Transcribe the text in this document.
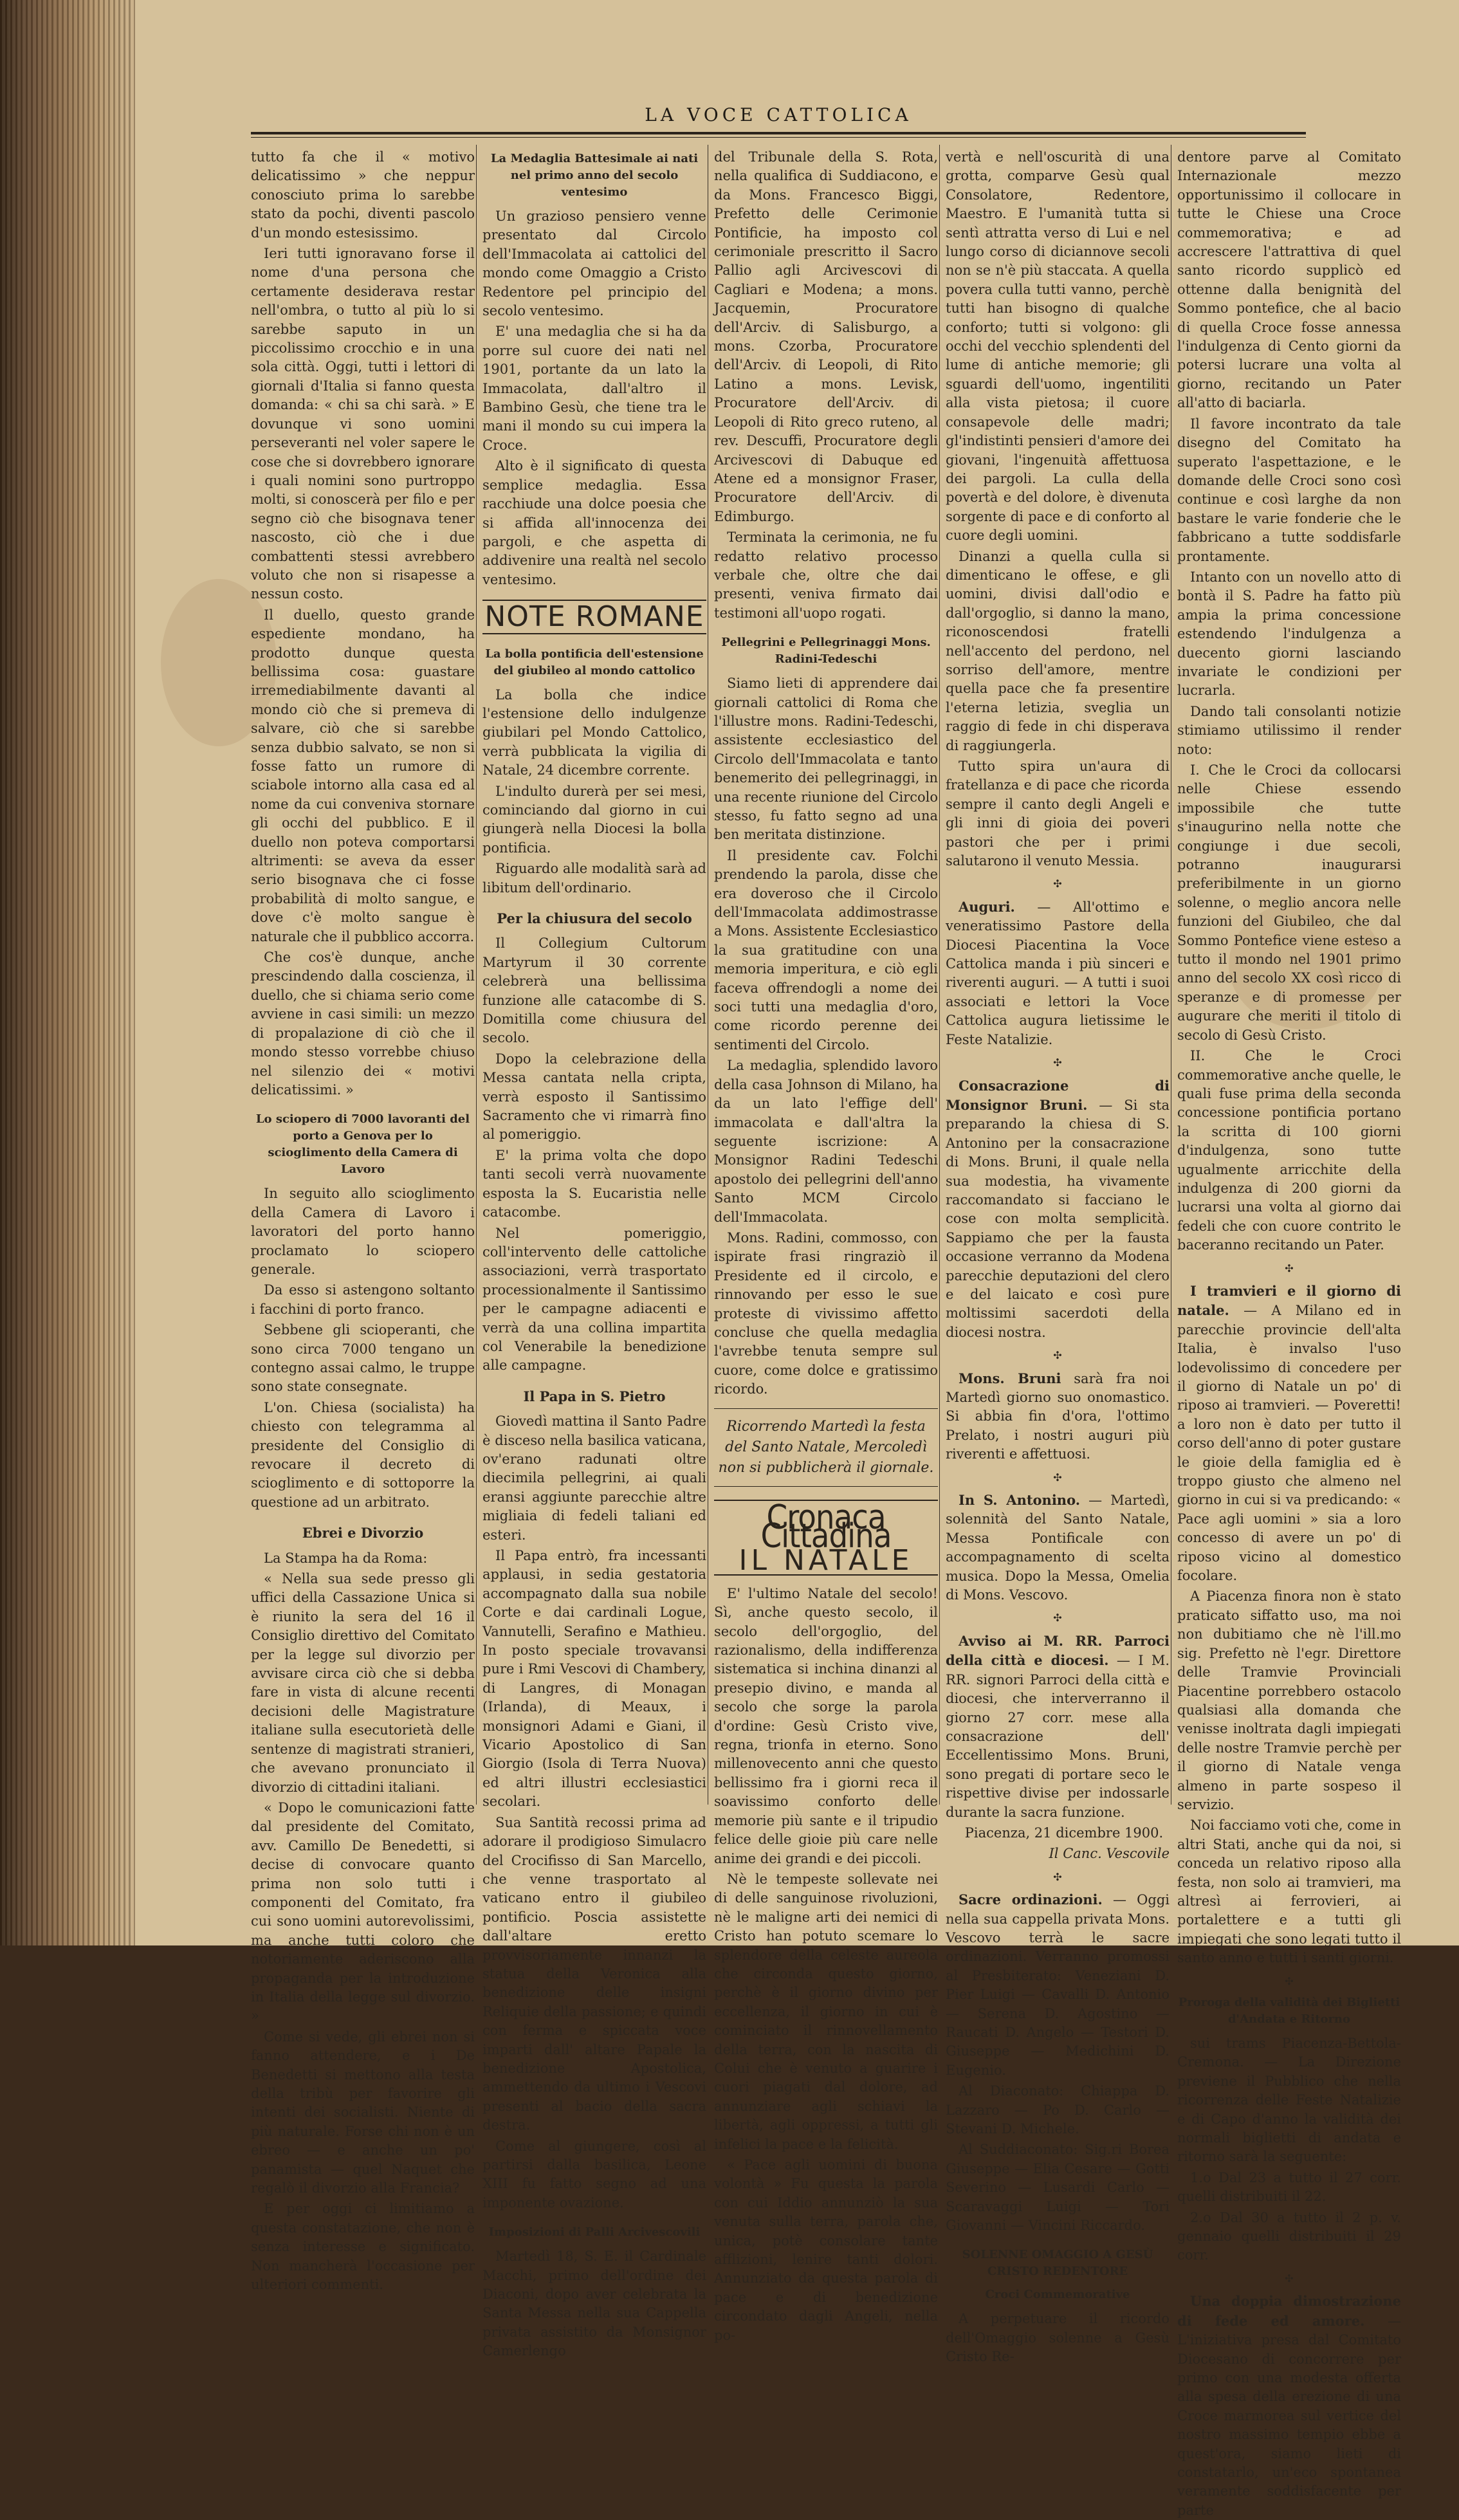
LA VOCE CATTOLICA

tutto fa che il « motivo delicatissimo » che neppur conosciuto prima lo sarebbe stato da pochi, diventi pascolo d'un mondo estesissimo.

Ieri tutti ignoravano forse il nome d'una persona che certamente desiderava restar nell'ombra, o tutto al più lo si sarebbe saputo in un piccolissimo crocchio e in una sola città. Oggi, tutti i lettori di giornali d'Italia si fanno questa domanda: « chi sa chi sarà. » E dovunque vi sono uomini perseveranti nel voler sapere le cose che si dovrebbero ignorare i quali nomini sono purtroppo molti, si conoscerà per filo e per segno ciò che bisognava tener nascosto, ciò che i due combattenti stessi avrebbero voluto che non si risapesse a nessun costo.

Il duello, questo grande espediente mondano, ha prodotto dunque questa bellissima cosa: guastare irremediabilmente davanti al mondo ciò che si premeva di salvare, ciò che si sarebbe senza dubbio salvato, se non si fosse fatto un rumore di sciabole intorno alla casa ed al nome da cui conveniva stornare gli occhi del pubblico. E il duello non poteva comportarsi altrimenti: se aveva da esser serio bisognava che ci fosse probabilità di molto sangue, e dove c'è molto sangue è naturale che il pubblico accorra.

Che cos'è dunque, anche prescindendo dalla coscienza, il duello, che si chiama serio come avviene in casi simili: un mezzo di propalazione di ciò che il mondo stesso vorrebbe chiuso nel silenzio dei « motivi delicatissimi. »

Lo sciopero di 7000 lavoranti del porto a Genova per lo scioglimento della Camera di Lavoro

In seguito allo scioglimento della Camera di Lavoro i lavoratori del porto hanno proclamato lo sciopero generale.

Da esso si astengono soltanto i facchini di porto franco.

Sebbene gli scioperanti, che sono circa 7000 tengano un contegno assai calmo, le truppe sono state consegnate.

L'on. Chiesa (socialista) ha chiesto con telegramma al presidente del Consiglio di revocare il decreto di scioglimento e di sottoporre la questione ad un arbitrato.

Ebrei e Divorzio

La Stampa ha da Roma:

« Nella sua sede presso gli uffici della Cassazione Unica si è riunito la sera del 16 il Consiglio direttivo del Comitato per la legge sul divorzio per avvisare circa ciò che si debba fare in vista di alcune recenti decisioni delle Magistrature italiane sulla esecutorietà delle sentenze di magistrati stranieri, che avevano pronunciato il divorzio di cittadini italiani.

« Dopo le comunicazioni fatte dal presidente del Comitato, avv. Camillo De Benedetti, si decise di convocare quanto prima non solo tutti i componenti del Comitato, fra cui sono uomini autorevolissimi, ma anche tutti coloro che notoriamente aderiscono alla propaganda per la introduzione in Italia della legge sul divorzio. »

Come si vede, gli ebrei non si fanno attendere, e i De Benedetti si mettono alla testa della tribù per favorire gli intenti dei socialisti. Niente di più naturale. Forse chi non è un ebreo — e anche un po' panamista — quel Naquet che regalò il divorzio alla Francia?

E per oggi ci limitiamo a questa constatazione, che non è senza interesse e significato. Non mancherà l'occasione per ulteriori commenti.

La Medaglia Battesimale ai nati nel primo anno del secolo ventesimo

Un grazioso pensiero venne presentato dal Circolo dell'Immacolata ai cattolici del mondo come Omaggio a Cristo Redentore pel principio del secolo ventesimo.

E' una medaglia che si ha da porre sul cuore dei nati nel 1901, portante da un lato la Immacolata, dall'altro il Bambino Gesù, che tiene tra le mani il mondo su cui impera la Croce.

Alto è il significato di questa semplice medaglia. Essa racchiude una dolce poesia che si affida all'innocenza dei pargoli, e che aspetta di addivenire una realtà nel secolo ventesimo.

NOTE ROMANE
La bolla pontificia dell'estensione del giubileo al mondo cattolico

La bolla che indice l'estensione dello indulgenze giubilari pel Mondo Cattolico, verrà pubblicata la vigilia di Natale, 24 dicembre corrente.

L'indulto durerà per sei mesi, cominciando dal giorno in cui giungerà nella Diocesi la bolla pontificia.

Riguardo alle modalità sarà ad libitum dell'ordinario.

Per la chiusura del secolo

Il Collegium Cultorum Martyrum il 30 corrente celebrerà una bellissima funzione alle catacombe di S. Domitilla come chiusura del secolo.

Dopo la celebrazione della Messa cantata nella cripta, verrà esposto il Santissimo Sacramento che vi rimarrà fino al pomeriggio.

E' la prima volta che dopo tanti secoli verrà nuovamente esposta la S. Eucaristia nelle catacombe.

Nel pomeriggio, coll'intervento delle cattoliche associazioni, verrà trasportato processionalmente il Santissimo per le campagne adiacenti e verrà da una collina impartita col Venerabile la benedizione alle campagne.

Il Papa in S. Pietro

Giovedì mattina il Santo Padre è disceso nella basilica vaticana, ov'erano radunati oltre diecimila pellegrini, ai quali eransi aggiunte parecchie altre migliaia di fedeli taliani ed esteri.

Il Papa entrò, fra incessanti applausi, in sedia gestatoria accompagnato dalla sua nobile Corte e dai cardinali Logue, Vannutelli, Serafino e Mathieu. In posto speciale trovavansi pure i Rmi Vescovi di Chambery, di Langres, di Monagan (Irlanda), di Meaux, i monsignori Adami e Giani, il Vicario Apostolico di San Giorgio (Isola di Terra Nuova) ed altri illustri ecclesiastici secolari.

Sua Santità recossi prima ad adorare il prodigioso Simulacro del Crocifisso di San Marcello, che venne trasportato al vaticano entro il giubileo pontificio. Poscia assistette dall'altare eretto provvisoriamente innanzi la statua della Veronica alla benedizione delle insigni Reliquie della passione; e quindi con ferma e spiccata voce imparti dall' altare Papale la benedizione Apostolica, ammettendo da ultimo i Vescovi presenti al bacio della sacra destra.

Come al giungere, così al partirsi dalla basilica, Leone XIII fu fatto segno ad una imponente ovazione.

Imposizioni di Palli Arcivescovili

Martedì 18, S. E. il Cardinale Macchi, primo dell'ordine dei Diaconi, dopo aver celebrata la Santa Messa nella sua Cappella privata assistito da Monsignor Camerlengo

del Tribunale della S. Rota, nella qualifica di Suddiacono, e da Mons. Francesco Biggi, Prefetto delle Cerimonie Pontificie, ha imposto col cerimoniale prescritto il Sacro Pallio agli Arcivescovi di Cagliari e Modena; a mons. Jacquemin, Procuratore dell'Arciv. di Salisburgo, a mons. Czorba, Procuratore dell'Arciv. di Leopoli, di Rito Latino a mons. Levisk, Procuratore dell'Arciv. di Leopoli di Rito greco ruteno, al rev. Descuffi, Procuratore degli Arcivescovi di Dabuque ed Atene ed a monsignor Fraser, Procuratore dell'Arciv. di Edimburgo.

Terminata la cerimonia, ne fu redatto relativo processo verbale che, oltre che dai presenti, veniva firmato dai testimoni all'uopo rogati.

Pellegrini e Pellegrinaggi Mons. Radini-Tedeschi

Siamo lieti di apprendere dai giornali cattolici di Roma che l'illustre mons. Radini-Tedeschi, assistente ecclesiastico del Circolo dell'Immacolata e tanto benemerito dei pellegrinaggi, in una recente riunione del Circolo stesso, fu fatto segno ad una ben meritata distinzione.

Il presidente cav. Folchi prendendo la parola, disse che era doveroso che il Circolo dell'Immacolata addimostrasse a Mons. Assistente Ecclesiastico la sua gratitudine con una memoria imperitura, e ciò egli faceva offrendogli a nome dei soci tutti una medaglia d'oro, come ricordo perenne dei sentimenti del Circolo.

La medaglia, splendido lavoro della casa Johnson di Milano, ha da un lato l'effige dell' immacolata e dall'altra la seguente iscrizione: A Monsignor Radini Tedeschi apostolo dei pellegrini dell'anno Santo MCM Circolo dell'Immacolata.

Mons. Radini, commosso, con ispirate frasi ringraziò il Presidente ed il circolo, e rinnovando per esso le sue proteste di vivissimo affetto concluse che quella medaglia l'avrebbe tenuta sempre sul cuore, come dolce e gratissimo ricordo.

Ricorrendo Martedì la festa del Santo Natale, Mercoledì non si pubblicherà il giornale.
Cronaca Cittadina
IL NATALE

E' l'ultimo Natale del secolo! Sì, anche questo secolo, il secolo dell'orgoglio, del razionalismo, della indifferenza sistematica si inchina dinanzi al presepio divino, e manda al secolo che sorge la parola d'ordine: Gesù Cristo vive, regna, trionfa in eterno. Sono millenovecento anni che questo bellissimo fra i giorni reca il soavissimo conforto delle memorie più sante e il tripudio felice delle gioie più care nelle anime dei grandi e dei piccoli.

Nè le tempeste sollevate nei di delle sanguinose rivoluzioni, nè le maligne arti dei nemici di Cristo han potuto scemare lo splendore della celeste aureola che circonda questo giorno, perchè è il giorno divino per eccellenza, il giorno in cui è cominciato il rinnovellamento della terra, con la nascita di Colui che è venuto a guarire i cuori piagati dal dolore, ad annunziare agli schiavi la libertà, agli oppressi, a tutti gli infelici la pace e la felicità.

« Pace agli uomini di buona volontà » Fu questa la parola con cui Iddio annunziò la sua venuta sulla terra, parola che, unica, potè consolare tante afflizioni, lenire tanti dolori. Annunziato da questa parola di pace e di benedizione circondato dagli Angeli, nella po-

vertà e nell'oscurità di una grotta, comparve Gesù qual Consolatore, Redentore, Maestro. E l'umanità tutta si sentì attratta verso di Lui e nel lungo corso di diciannove secoli non se n'è più staccata. A quella povera culla tutti vanno, perchè tutti han bisogno di qualche conforto; tutti si volgono: gli occhi del vecchio splendenti del lume di antiche memorie; gli sguardi dell'uomo, ingentiliti alla vista pietosa; il cuore consapevole delle madri; gl'indistinti pensieri d'amore dei giovani, l'ingenuità affettuosa dei pargoli. La culla della povertà e del dolore, è divenuta sorgente di pace e di conforto al cuore degli uomini.

Dinanzi a quella culla si dimenticano le offese, e gli uomini, divisi dall'odio e dall'orgoglio, si danno la mano, riconoscendosi fratelli nell'accento del perdono, nel sorriso dell'amore, mentre quella pace che fa presentire l'eterna letizia, sveglia un raggio di fede in chi disperava di raggiungerla.

Tutto spira un'aura di fratellanza e di pace che ricorda sempre il canto degli Angeli e gli inni di gioia dei poveri pastori che per i primi salutarono il venuto Messia.

✣

Auguri. — All'ottimo e veneratissimo Pastore della Diocesi Piacentina la Voce Cattolica manda i più sinceri e riverenti auguri. — A tutti i suoi associati e lettori la Voce Cattolica augura lietissime le Feste Natalizie.

✣

Consacrazione di Monsignor Bruni. — Si sta preparando la chiesa di S. Antonino per la consacrazione di Mons. Bruni, il quale nella sua modestia, ha vivamente raccomandato si facciano le cose con molta semplicità. Sappiamo che per la fausta occasione verranno da Modena parecchie deputazioni del clero e del laicato e così pure moltissimi sacerdoti della diocesi nostra.

✣

Mons. Bruni sarà fra noi Martedì giorno suo onomastico. Si abbia fin d'ora, l'ottimo Prelato, i nostri auguri più riverenti e affettuosi.

✣

In S. Antonino. — Martedì, solennità del Santo Natale, Messa Pontificale con accompagnamento di scelta musica. Dopo la Messa, Omelia di Mons. Vescovo.

✣

Avviso ai M. RR. Parroci della città e diocesi. — I M. RR. signori Parroci della città e diocesi, che interverranno il giorno 27 corr. mese alla consacrazione dell' Eccellentissimo Mons. Bruni, sono pregati di portare seco le rispettive divise per indossarle durante la sacra funzione.

Piacenza, 21 dicembre 1900.

Il Canc. Vescovile

✣

Sacre ordinazioni. — Oggi nella sua cappella privata Mons. Vescovo terrà le sacre ordinazioni. Verranno promossi al Presbiterato: Veneziani D. Pier Luigi — Cavalli D. Antonio — Serena D. Agostino — Raucati D. Angelo — Testori D. Giuseppe — Medichini D. Eugenio.

Al Diaconato: Chiappa D. Lazzaro — Po D. Carlo — Stevani D. Michele.

Al Suddiaconato: Sig.ri Borea Giuseppe — Elia Cesare — Gotti Severino — Lusardi Carlo — Scaravaggi Luigi — Tori Giovanni — Vincini Riccardo.

SOLENNE OMAGGIO A GESÙ CRISTO REDENTORE
Croci Commemorative

A perpetuare il ricordo dell'Omaggio solenne a Gesù Cristo Re-

dentore parve al Comitato Internazionale mezzo opportunissimo il collocare in tutte le Chiese una Croce commemorativa; e ad accrescere l'attrattiva di quel santo ricordo supplicò ed ottenne dalla benignità del Sommo pontefice, che al bacio di quella Croce fosse annessa l'indulgenza di Cento giorni da potersi lucrare una volta al giorno, recitando un Pater all'atto di baciarla.

Il favore incontrato da tale disegno del Comitato ha superato l'aspettazione, e le domande delle Croci sono così continue e così larghe da non bastare le varie fonderie che le fabbricano a tutte soddisfarle prontamente.

Intanto con un novello atto di bontà il S. Padre ha fatto più ampia la prima concessione estendendo l'indulgenza a duecento giorni lasciando invariate le condizioni per lucrarla.

Dando tali consolanti notizie stimiamo utilissimo il render noto:

I. Che le Croci da collocarsi nelle Chiese essendo impossibile che tutte s'inaugurino nella notte che congiunge i due secoli, potranno inaugurarsi preferibilmente in un giorno solenne, o meglio ancora nelle funzioni del Giubileo, che dal Sommo Pontefice viene esteso a tutto il mondo nel 1901 primo anno del secolo XX così ricco di speranze e di promesse per augurare che meriti il titolo di secolo di Gesù Cristo.

II. Che le Croci commemorative anche quelle, le quali fuse prima della seconda concessione pontificia portano la scritta di 100 giorni d'indulgenza, sono tutte ugualmente arricchite della indulgenza di 200 giorni da lucrarsi una volta al giorno dai fedeli che con cuore contrito le baceranno recitando un Pater.

✣

I tramvieri e il giorno di natale. — A Milano ed in parecchie provincie dell'alta Italia, è invalso l'uso lodevolissimo di concedere per il giorno di Natale un po' di riposo ai tramvieri. — Poveretti! a loro non è dato per tutto il corso dell'anno di poter gustare le gioie della famiglia ed è troppo giusto che almeno nel giorno in cui si va predicando: « Pace agli uomini » sia a loro concesso di avere un po' di riposo vicino al domestico focolare.

A Piacenza finora non è stato praticato siffatto uso, ma noi non dubitiamo che nè l'ill.mo sig. Prefetto nè l'egr. Direttore delle Tramvie Provinciali Piacentine porrebbero ostacolo qualsiasi alla domanda che venisse inoltrata dagli impiegati delle nostre Tramvie perchè per il giorno di Natale venga almeno in parte sospeso il servizio.

Noi facciamo voti che, come in altri Stati, anche qui da noi, si conceda un relativo riposo alla festa, non solo ai tramvieri, ma altresì ai ferrovieri, ai portalettere e a tutti gli impiegati che sono legati tutto il santo anno e tutti i santi giorni.

✣
Proroga della validità dei Biglietti d'Andata e Ritorno

sui trams Piacenza-Bettola-Cremona. — La Direzione previene il Pubblico che nella ricorrenza delle Feste Natalizie e di Capo d'anno la validità dei normali biglietti di andata e ritorno sarà la seguente:

1.o Dal 23 a tutto il 27 corr. quelli distribuiti il 22.

2.o Dal 30 a tutto il 2 p. v. gennaio quelli distribuiti il 29 corr.

✣

Una doppia dimostrazione di fede ed amore. — L'iniziativa presa dal Comitato Diocesano di concorrere per primo con una modesta offerta alla spesa della erezione di una Croce marmorea sul vertice del nostro massimo tempio ebbe a quest'ora, siamo lieti di constatarlo, un'eco spontanea veramente soddisfacente per parte
